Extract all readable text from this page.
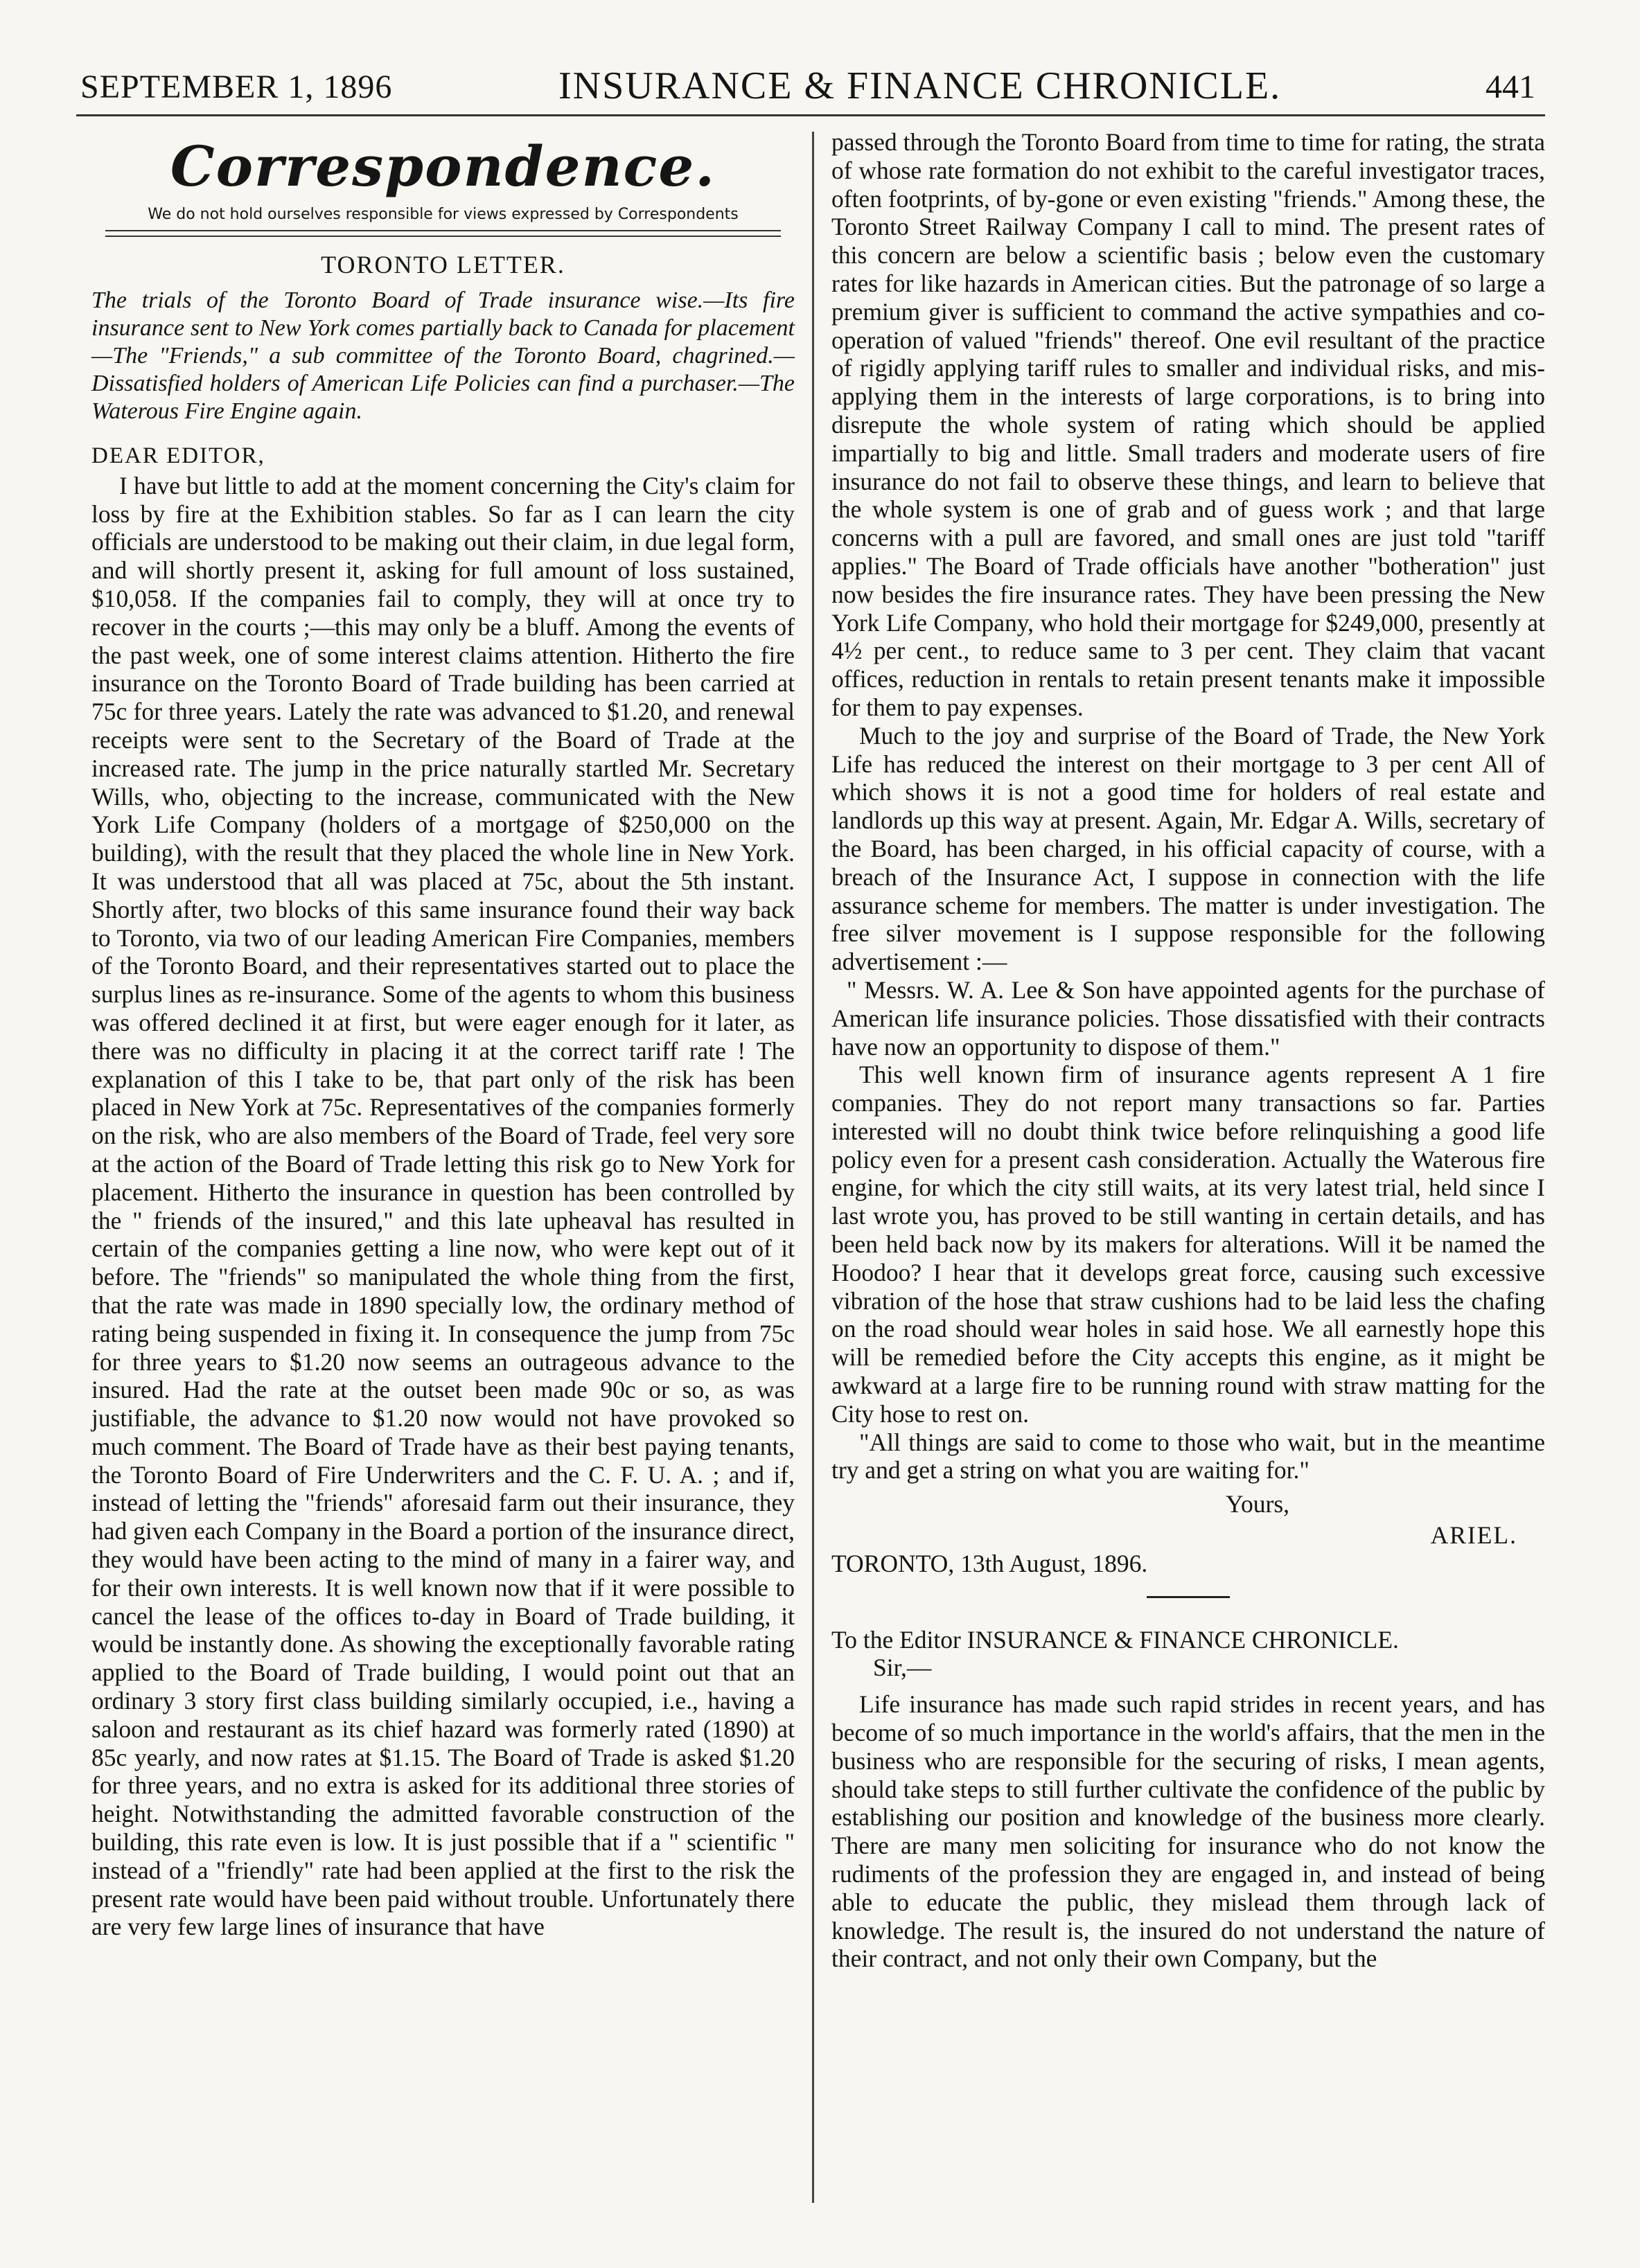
SEPTEMBER 1, 1896	INSURANCE & FINANCE CHRONICLE.	441
Correspondence.
We do not hold ourselves responsible for views expressed by Correspondents
TORONTO LETTER.
The trials of the Toronto Board of Trade insurance wise.—Its fire insurance sent to New York comes partially back to Canada for placement—The "Friends," a sub committee of the Toronto Board, chagrined.—Dissatisfied holders of American Life Policies can find a purchaser.—The Waterous Fire Engine again.
DEAR EDITOR,

I have but little to add at the moment concerning the City's claim for loss by fire at the Exhibition stables. So far as I can learn the city officials are understood to be making out their claim, in due legal form, and will shortly present it, asking for full amount of loss sustained, $10,058. If the companies fail to comply, they will at once try to recover in the courts ;—this may only be a bluff. Among the events of the past week, one of some interest claims attention. Hitherto the fire insurance on the Toronto Board of Trade building has been carried at 75c for three years. Lately the rate was advanced to $1.20, and renewal receipts were sent to the Secretary of the Board of Trade at the increased rate. The jump in the price naturally startled Mr. Secretary Wills, who, objecting to the increase, communicated with the New York Life Company (holders of a mortgage of $250,000 on the building), with the result that they placed the whole line in New York. It was understood that all was placed at 75c, about the 5th instant. Shortly after, two blocks of this same insurance found their way back to Toronto, via two of our leading American Fire Companies, members of the Toronto Board, and their representatives started out to place the surplus lines as re-insurance. Some of the agents to whom this business was offered declined it at first, but were eager enough for it later, as there was no difficulty in placing it at the correct tariff rate ! The explanation of this I take to be, that part only of the risk has been placed in New York at 75c. Representatives of the companies formerly on the risk, who are also members of the Board of Trade, feel very sore at the action of the Board of Trade letting this risk go to New York for placement. Hitherto the insurance in question has been controlled by the " friends of the insured," and this late upheaval has resulted in certain of the companies getting a line now, who were kept out of it before. The "friends" so manipulated the whole thing from the first, that the rate was made in 1890 specially low, the ordinary method of rating being suspended in fixing it. In consequence the jump from 75c for three years to $1.20 now seems an outrageous advance to the insured. Had the rate at the outset been made 90c or so, as was justifiable, the advance to $1.20 now would not have provoked so much comment. The Board of Trade have as their best paying tenants, the Toronto Board of Fire Underwriters and the C. F. U. A. ; and if, instead of letting the "friends" aforesaid farm out their insurance, they had given each Company in the Board a portion of the insurance direct, they would have been acting to the mind of many in a fairer way, and for their own interests. It is well known now that if it were possible to cancel the lease of the offices to-day in Board of Trade building, it would be instantly done. As showing the exceptionally favorable rating applied to the Board of Trade building, I would point out that an ordinary 3 story first class building similarly occupied, i.e., having a saloon and restaurant as its chief hazard was formerly rated (1890) at 85c yearly, and now rates at $1.15. The Board of Trade is asked $1.20 for three years, and no extra is asked for its additional three stories of height. Notwithstanding the admitted favorable construction of the building, this rate even is low. It is just possible that if a " scientific " instead of a "friendly" rate had been applied at the first to the risk the present rate would have been paid without trouble. Unfortunately there are very few large lines of insurance that have

passed through the Toronto Board from time to time for rating, the strata of whose rate formation do not exhibit to the careful investigator traces, often footprints, of by-gone or even existing "friends." Among these, the Toronto Street Railway Company I call to mind. The present rates of this concern are below a scientific basis ; below even the customary rates for like hazards in American cities. But the patronage of so large a premium giver is sufficient to command the active sympathies and co-operation of valued "friends" thereof. One evil resultant of the practice of rigidly applying tariff rules to smaller and individual risks, and mis-applying them in the interests of large corporations, is to bring into disrepute the whole system of rating which should be applied impartially to big and little. Small traders and moderate users of fire insurance do not fail to observe these things, and learn to believe that the whole system is one of grab and of guess work ; and that large concerns with a pull are favored, and small ones are just told "tariff applies." The Board of Trade officials have another "botheration" just now besides the fire insurance rates. They have been pressing the New York Life Company, who hold their mortgage for $249,000, presently at 4½ per cent., to reduce same to 3 per cent. They claim that vacant offices, reduction in rentals to retain present tenants make it impossible for them to pay expenses.

Much to the joy and surprise of the Board of Trade, the New York Life has reduced the interest on their mortgage to 3 per cent All of which shows it is not a good time for holders of real estate and landlords up this way at present. Again, Mr. Edgar A. Wills, secretary of the Board, has been charged, in his official capacity of course, with a breach of the Insurance Act, I suppose in connection with the life assurance scheme for members. The matter is under investigation. The free silver movement is I suppose responsible for the following advertisement :—

" Messrs. W. A. Lee & Son have appointed agents for the purchase of American life insurance policies. Those dissatisfied with their contracts have now an opportunity to dispose of them."

This well known firm of insurance agents represent A 1 fire companies. They do not report many transactions so far. Parties interested will no doubt think twice before relinquishing a good life policy even for a present cash consideration. Actually the Waterous fire engine, for which the city still waits, at its very latest trial, held since I last wrote you, has proved to be still wanting in certain details, and has been held back now by its makers for alterations. Will it be named the Hoodoo? I hear that it develops great force, causing such excessive vibration of the hose that straw cushions had to be laid less the chafing on the road should wear holes in said hose. We all earnestly hope this will be remedied before the City accepts this engine, as it might be awkward at a large fire to be running round with straw matting for the City hose to rest on.

"All things are said to come to those who wait, but in the meantime try and get a string on what you are waiting for."

Yours,

ARIEL.

TORONTO, 13th August, 1896.

To the Editor INSURANCE & FINANCE CHRONICLE.

Sir,—

Life insurance has made such rapid strides in recent years, and has become of so much importance in the world's affairs, that the men in the business who are responsible for the securing of risks, I mean agents, should take steps to still further cultivate the confidence of the public by establishing our position and knowledge of the business more clearly. There are many men soliciting for insurance who do not know the rudiments of the profession they are engaged in, and instead of being able to educate the public, they mislead them through lack of knowledge. The result is, the insured do not understand the nature of their contract, and not only their own Company, but the
